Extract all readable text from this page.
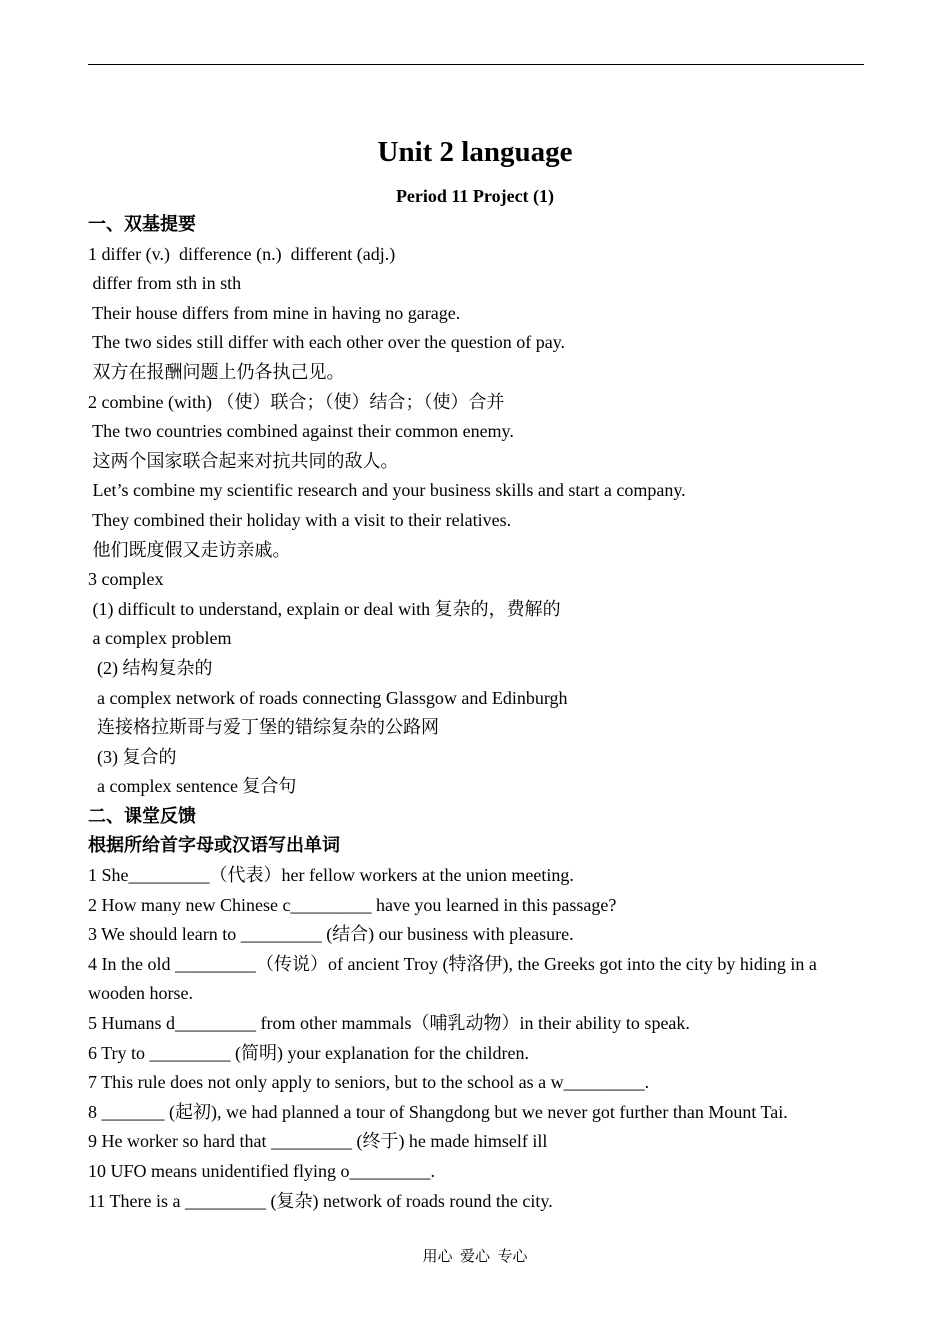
Unit 2 language
Period 11 Project (1)
一、双基提要
1 differ (v.)  difference (n.)  different (adj.)
differ from sth in sth
Their house differs from mine in having no garage.
The two sides still differ with each other over the question of pay.
双方在报酬问题上仍各执己见。
2 combine (with) （使）联合；（使）结合；（使）合并
The two countries combined against their common enemy.
这两个国家联合起来对抗共同的敌人。
Let’s combine my scientific research and your business skills and start a company.
They combined their holiday with a visit to their relatives.
他们既度假又走访亲戚。
3 complex
(1) difficult to understand, explain or deal with 复杂的，费解的
a complex problem
(2) 结构复杂的
a complex network of roads connecting Glassgow and Edinburgh
连接格拉斯哥与爱丁堡的错综复杂的公路网
(3) 复合的
a complex sentence 复合句
二、课堂反馈
根据所给首字母或汉语写出单词
1 She_________（代表）her fellow workers at the union meeting.
2 How many new Chinese c_________ have you learned in this passage?
3 We should learn to _________ (结合) our business with pleasure.
4 In the old _________（传说）of ancient Troy (特洛伊), the Greeks got into the city by hiding in a wooden horse.
5 Humans d_________ from other mammals（哺乳动物）in their ability to speak.
6 Try to _________ (简明) your explanation for the children.
7 This rule does not only apply to seniors, but to the school as a w_________.
8 _______ (起初), we had planned a tour of Shangdong but we never got further than Mount Tai.
9 He worker so hard that _________ (终于) he made himself ill
10 UFO means unidentified flying o_________.
11 There is a _________ (复杂) network of roads round the city.
用心  爱心  专心
